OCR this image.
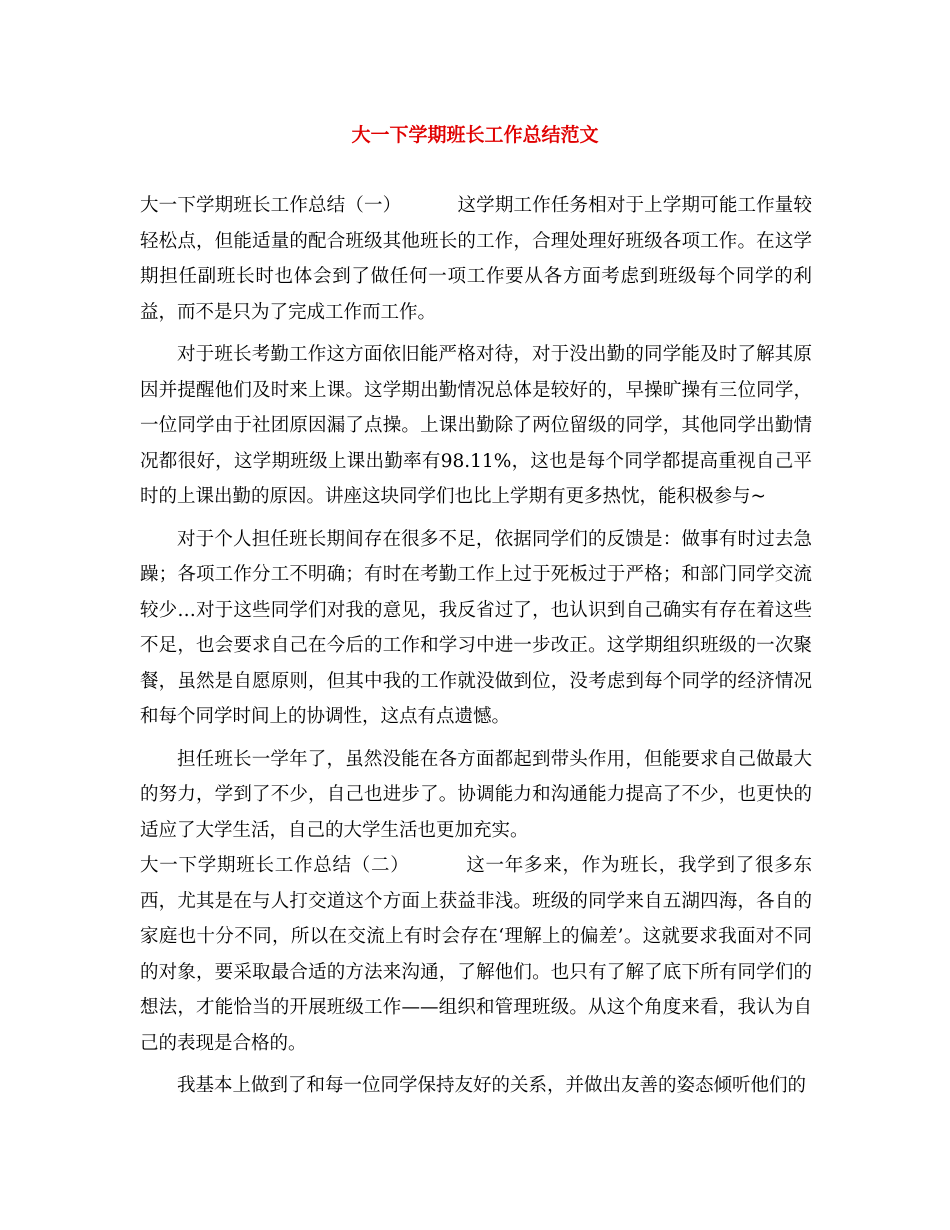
大一下学期班长工作总结范文

大一下学期班长工作总结（一）	这学期工作任务相对于上学期可能工作量较轻松点，但能适量的配合班级其他班长的工作，合理处理好班级各项工作。在这学期担任副班长时也体会到了做任何一项工作要从各方面考虑到班级每个同学的利益，而不是只为了完成工作而工作。

对于班长考勤工作这方面依旧能严格对待，对于没出勤的同学能及时了解其原因并提醒他们及时来上课。这学期出勤情况总体是较好的，早操旷操有三位同学，一位同学由于社团原因漏了点操。上课出勤除了两位留级的同学，其他同学出勤情况都很好，这学期班级上课出勤率有98.11%，这也是每个同学都提高重视自己平时的上课出勤的原因。讲座这块同学们也比上学期有更多热忱，能积极参与~

对于个人担任班长期间存在很多不足，依据同学们的反馈是：做事有时过去急躁；各项工作分工不明确；有时在考勤工作上过于死板过于严格；和部门同学交流较少…对于这些同学们对我的意见，我反省过了，也认识到自己确实有存在着这些不足，也会要求自己在今后的工作和学习中进一步改正。这学期组织班级的一次聚餐，虽然是自愿原则，但其中我的工作就没做到位，没考虑到每个同学的经济情况和每个同学时间上的协调性，这点有点遗憾。

担任班长一学年了，虽然没能在各方面都起到带头作用，但能要求自己做最大的努力，学到了不少，自己也进步了。协调能力和沟通能力提高了不少，也更快的适应了大学生活，自己的大学生活也更加充实。

大一下学期班长工作总结（二）	这一年多来，作为班长，我学到了很多东西，尤其是在与人打交道这个方面上获益非浅。班级的同学来自五湖四海，各自的家庭也十分不同，所以在交流上有时会存在‘理解上的偏差’。这就要求我面对不同的对象，要采取最合适的方法来沟通，了解他们。也只有了解了底下所有同学们的想法，才能恰当的开展班级工作——组织和管理班级。从这个角度来看，我认为自己的表现是合格的。

我基本上做到了和每一位同学保持友好的关系，并做出友善的姿态倾听他们的
